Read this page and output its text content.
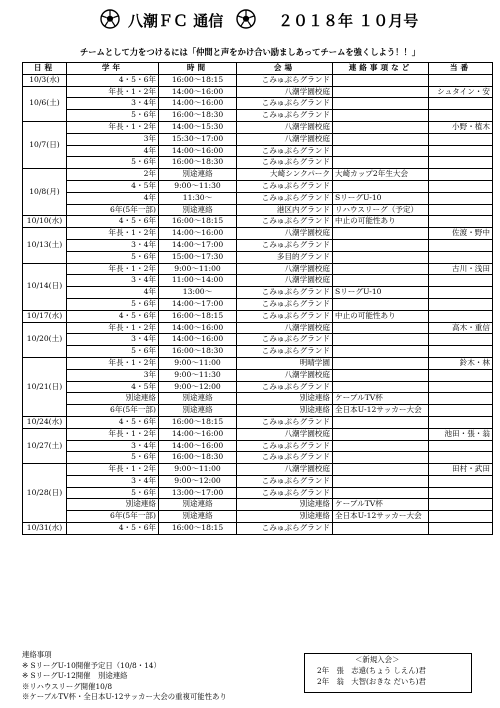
八潮ＦＣ 通信	２０１８年 １０月号
チームとして力をつけるには「仲間と声をかけ合い励ましあってチームを強くしよう！！」
日程	学年	時間	会場	連絡事項など	当番
10/3(水)	4・5・6年	16:00～18:15	こみゅぷらグランド		
10/6(土)	年長・1・2年	14:00～16:00	八潮学園校庭		シュタイン・安
	3・4年	14:00～16:00	こみゅぷらグランド		
	5・6年	16:00～18:30	こみゅぷらグランド		
10/7(日)	年長・1・2年	14:00～15:30	八潮学園校庭		小野・植木
	3年	15:30～17:00	八潮学園校庭		
	4年	14:00～16:00	こみゅぷらグランド		
	5・6年	16:00～18:30	こみゅぷらグランド		
10/8(月)	2年	別途連絡	大崎シンクパーク	大崎カップ2年生大会	
	4・5年	9:00～11:30	こみゅぷらグランド		
	4年	11:30～	こみゅぷらグランド	SリーグU-10	
	6年(5年一部)	別途連絡	港区内グランド	リハウスリーグ（予定）	
10/10(水)	4・5・6年	16:00～18:15	こみゅぷらグランド	中止の可能性あり	
10/13(土)	年長・1・2年	14:00～16:00	八潮学園校庭		佐渡・野中
	3・4年	14:00～17:00	こみゅぷらグランド		
	5・6年	15:00～17:30	多目的グランド		
10/14(日)	年長・1・2年	9:00～11:00	八潮学園校庭		古川・浅田
	3・4年	11:00～14:00	八潮学園校庭		
	4年	13:00～	こみゅぷらグランド	SリーグU-10	
	5・6年	14:00～17:00	こみゅぷらグランド		
10/17(水)	4・5・6年	16:00～18:15	こみゅぷらグランド	中止の可能性あり	
10/20(土)	年長・1・2年	14:00～16:00	八潮学園校庭		高木・重信
	3・4年	14:00～16:00	こみゅぷらグランド		
	5・6年	16:00～18:30	こみゅぷらグランド		
10/21(日)	年長・1・2年	9:00～11:00	明晴学園		鈴木・林
	3年	9:00～11:30	八潮学園校庭		
	4・5年	9:00～12:00	こみゅぷらグランド		
	別途連絡	別途連絡	別途連絡	ケーブルTV杯	
	6年(5年一部)	別途連絡	別途連絡	全日本U-12サッカー大会	
10/24(水)	4・5・6年	16:00～18:15	こみゅぷらグランド		
10/27(土)	年長・1・2年	14:00～16:00	八潮学園校庭		池田・張・翁
	3・4年	14:00～16:00	こみゅぷらグランド		
	5・6年	16:00～18:30	こみゅぷらグランド		
10/28(日)	年長・1・2年	9:00～11:00	八潮学園校庭		田村・武田
	3・4年	9:00～12:00	こみゅぷらグランド		
	5・6年	13:00～17:00	こみゅぷらグランド		
	別途連絡	別途連絡	別途連絡	ケーブルTV杯	
	6年(5年一部)	別途連絡	別途連絡	全日本U-12サッカー大会	
10/31(水)	4・5・6年	16:00～18:15	こみゅぷらグランド		
連絡事項
※ SリーグU-10開催予定日（10/8・14）
※ SリーグU-12開催　別途連絡
※リハウスリーグ開催10/8
※ケーブルTV杯・全日本U-12サッカー大会の重複可能性あり
＜新規入会＞
2年　張　志遠(ちょう しえん)君
2年　翁　大智(おきな だいち)君
